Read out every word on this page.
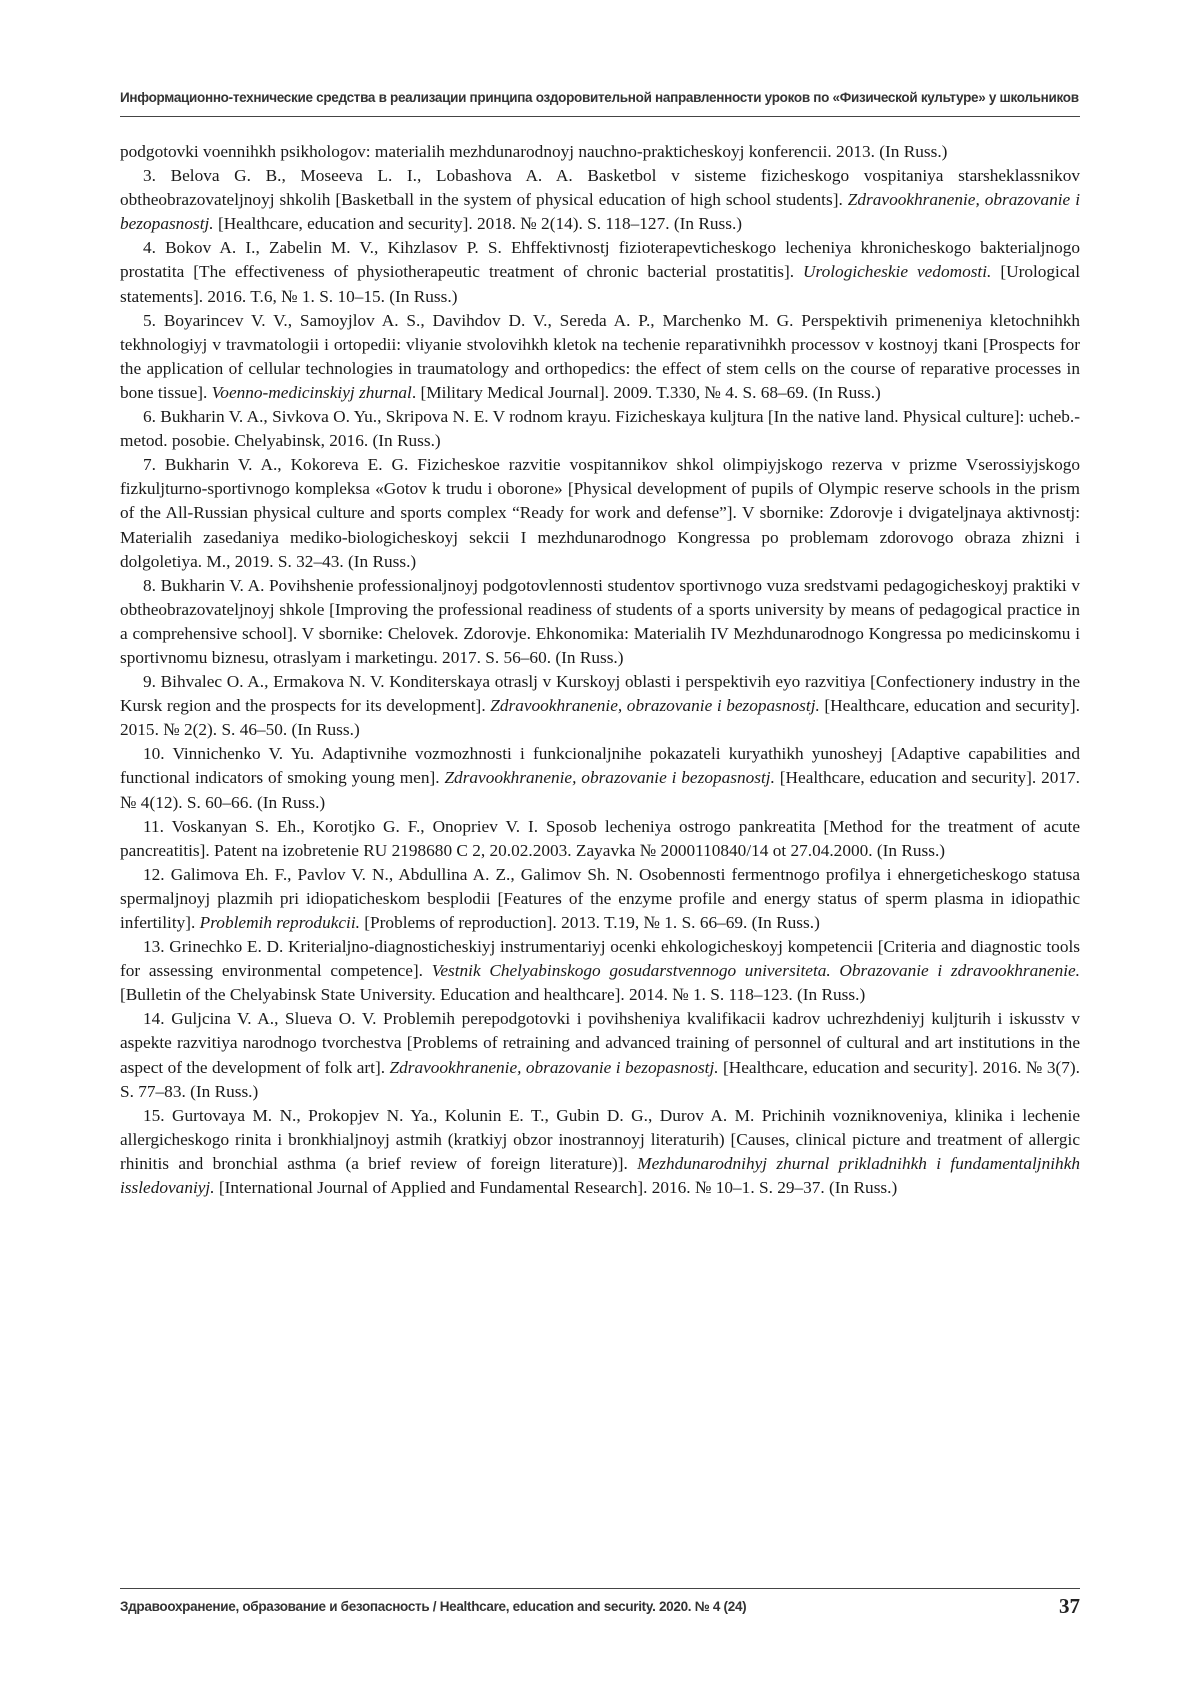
Информационно-технические средства в реализации принципа оздоровительной направленности уроков по «Физической культуре» у школьников

podgotovki voennihkh psikhologov: materialih mezhdunarodnoyj nauchno-prakticheskoyj konferencii. 2013. (In Russ.)

3. Belova G. B., Moseeva L. I., Lobashova A. A. Basketbol v sisteme fizicheskogo vospitaniya starsheklassnikov obtheobrazovateljnoyj shkolih [Basketball in the system of physical education of high school students]. Zdravookhranenie, obrazovanie i bezopasnostj. [Healthcare, education and security]. 2018. № 2(14). S. 118–127. (In Russ.)

4. Bokov A. I., Zabelin M. V., Kihzlasov P. S. Ehffektivnostj fizioterapevticheskogo lecheniya khronicheskogo bakterialjnogo prostatita [The effectiveness of physiotherapeutic treatment of chronic bacterial prostatitis]. Urologicheskie vedomosti. [Urological statements]. 2016. T.6, № 1. S. 10–15. (In Russ.)

5. Boyarincev V. V., Samoyjlov A. S., Davihdov D. V., Sereda A. P., Marchenko M. G. Perspektivih primeneniya kletochnihkh tekhnologiyj v travmatologii i ortopedii: vliyanie stvolovihkh kletok na techenie reparativnihkh processov v kostnoyj tkani [Prospects for the application of cellular technologies in traumatology and orthopedics: the effect of stem cells on the course of reparative processes in bone tissue]. Voenno-medicinskiyj zhurnal. [Military Medical Journal]. 2009. T.330, № 4. S. 68–69. (In Russ.)

6. Bukharin V. A., Sivkova O. Yu., Skripova N. E. V rodnom krayu. Fizicheskaya kuljtura [In the native land. Physical culture]: ucheb.-metod. posobie. Chelyabinsk, 2016. (In Russ.)

7. Bukharin V. A., Kokoreva E. G. Fizicheskoe razvitie vospitannikov shkol olimpiyjskogo rezerva v prizme Vserossiyjskogo fizkuljturno-sportivnogo kompleksa «Gotov k trudu i oborone» [Physical development of pupils of Olympic reserve schools in the prism of the All-Russian physical culture and sports complex “Ready for work and defense”]. V sbornike: Zdorovje i dvigateljnaya aktivnostj: Materialih zasedaniya mediko-biologicheskoyj sekcii I mezhdunarodnogo Kongressa po problemam zdorovogo obraza zhizni i dolgoletiya. M., 2019. S. 32–43. (In Russ.)

8. Bukharin V. A. Povihshenie professionaljnoyj podgotovlennosti studentov sportivnogo vuza sredstvami pedagogicheskoyj praktiki v obtheobrazovateljnoyj shkole [Improving the professional readiness of students of a sports university by means of pedagogical practice in a comprehensive school]. V sbornike: Chelovek. Zdorovje. Ehkonomika: Materialih IV Mezhdunarodnogo Kongressa po medicinskomu i sportivnomu biznesu, otraslyam i marketingu. 2017. S. 56–60. (In Russ.)

9. Bihvalec O. A., Ermakova N. V. Konditerskaya otraslj v Kurskoyj oblasti i perspektivih eyo razvitiya [Confectionery industry in the Kursk region and the prospects for its development]. Zdravookhranenie, obrazovanie i bezopasnostj. [Healthcare, education and security]. 2015. № 2(2). S. 46–50. (In Russ.)

10. Vinnichenko V. Yu. Adaptivnihe vozmozhnosti i funkcionaljnihe pokazateli kuryathikh yunosheyj [Adaptive capabilities and functional indicators of smoking young men]. Zdravookhranenie, obrazovanie i bezopasnostj. [Healthcare, education and security]. 2017. № 4(12). S. 60–66. (In Russ.)

11. Voskanyan S. Eh., Korotjko G. F., Onopriev V. I. Sposob lecheniya ostrogo pankreatita [Method for the treatment of acute pancreatitis]. Patent na izobretenie RU 2198680 C 2, 20.02.2003. Zayavka № 2000110840/14 ot 27.04.2000. (In Russ.)

12. Galimova Eh. F., Pavlov V. N., Abdullina A. Z., Galimov Sh. N. Osobennosti fermentnogo profilya i ehnergeticheskogo statusa spermaljnoyj plazmih pri idiopaticheskom besplodii [Features of the enzyme profile and energy status of sperm plasma in idiopathic infertility]. Problemih reprodukcii. [Problems of reproduction]. 2013. T.19, № 1. S. 66–69. (In Russ.)

13. Grinechko E. D. Kriterialjno-diagnosticheskiyj instrumentariyj ocenki ehkologicheskoyj kompetencii [Criteria and diagnostic tools for assessing environmental competence]. Vestnik Chelyabinskogo gosudarstvennogo universiteta. Obrazovanie i zdravookhranenie. [Bulletin of the Chelyabinsk State University. Education and healthcare]. 2014. № 1. S. 118–123. (In Russ.)

14. Guljcina V. A., Slueva O. V. Problemih perepodgotovki i povihsheniya kvalifikacii kadrov uchrezhdeniyj kuljturih i iskusstv v aspekte razvitiya narodnogo tvorchestva [Problems of retraining and advanced training of personnel of cultural and art institutions in the aspect of the development of folk art]. Zdravookhranenie, obrazovanie i bezopasnostj. [Healthcare, education and security]. 2016. № 3(7). S. 77–83. (In Russ.)

15. Gurtovaya M. N., Prokopjev N. Ya., Kolunin E. T., Gubin D. G., Durov A. M. Prichinih vozniknoveniya, klinika i lechenie allergicheskogo rinita i bronkhialjnoyj astmih (kratkiyj obzor inostrannoyj literaturih) [Causes, clinical picture and treatment of allergic rhinitis and bronchial asthma (a brief review of foreign literature)]. Mezhdunarodnihyj zhurnal prikladnihkh i fundamentaljnihkh issledovaniyj. [International Journal of Applied and Fundamental Research]. 2016. № 10–1. S. 29–37. (In Russ.)

Здравоохранение, образование и безопасность / Healthcare, education and security. 2020. № 4 (24)	37
